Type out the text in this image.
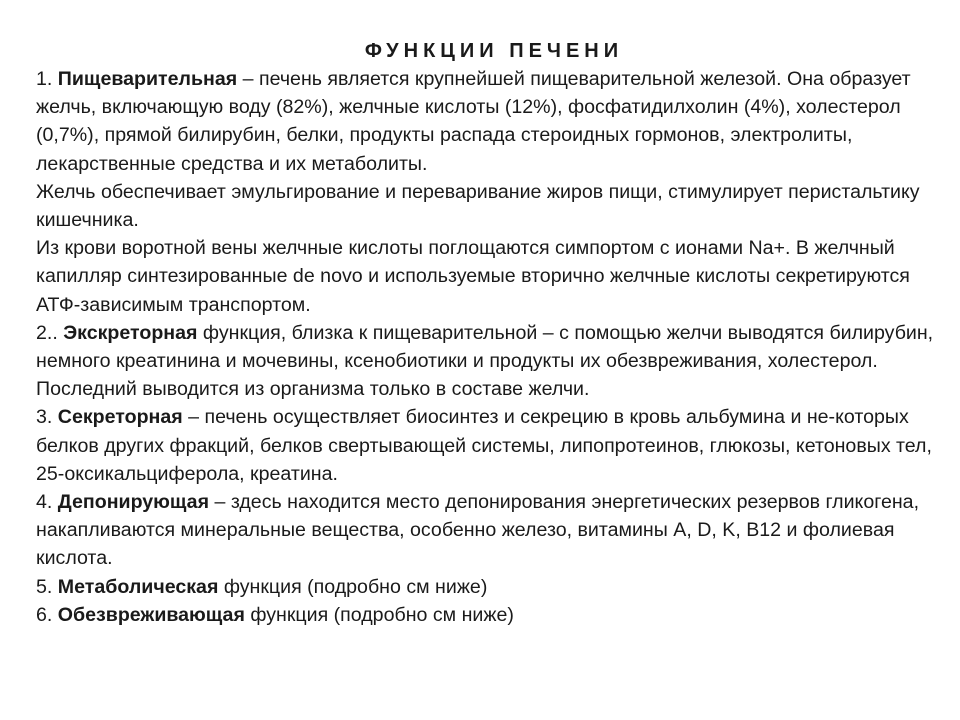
ФУНКЦИИ ПЕЧЕНИ

1. Пищеварительная – печень является крупнейшей пищеварительной железой. Она образует желчь, включающую воду (82%), желчные кислоты (12%), фосфатидилхолин (4%), холестерол (0,7%), прямой билирубин, белки, продукты распада стероидных гормонов, электролиты, лекарственные средства и их метаболиты.

Желчь обеспечивает эмульгирование и переваривание жиров пищи, стимулирует перистальтику кишечника.

Из крови воротной вены желчные кислоты поглощаются симпортом с ионами Na+. В желчный капилляр синтезированные de novo и используемые вторично желчные кислоты секретируются АТФ-зависимым транспортом.

2.. Экскреторная функция, близка к пищеварительной – с помощью желчи выводятся билирубин, немного креатинина и мочевины, ксенобиотики и продукты их обезвреживания, холестерол. Последний выводится из организма только в составе желчи.

3. Секреторная – печень осуществляет биосинтез и секрецию в кровь альбумина и не-которых белков других фракций, белков свертывающей системы, липопротеинов, глюкозы, кетоновых тел, 25-оксикальциферола, креатина.

4. Депонирующая – здесь находится место депонирования энергетических резервов гликогена, накапливаются минеральные вещества, особенно железо, витамины A, D, K, B12 и фолиевая кислота.

5. Метаболическая функция (подробно см ниже)

6. Обезвреживающая функция (подробно см ниже)
